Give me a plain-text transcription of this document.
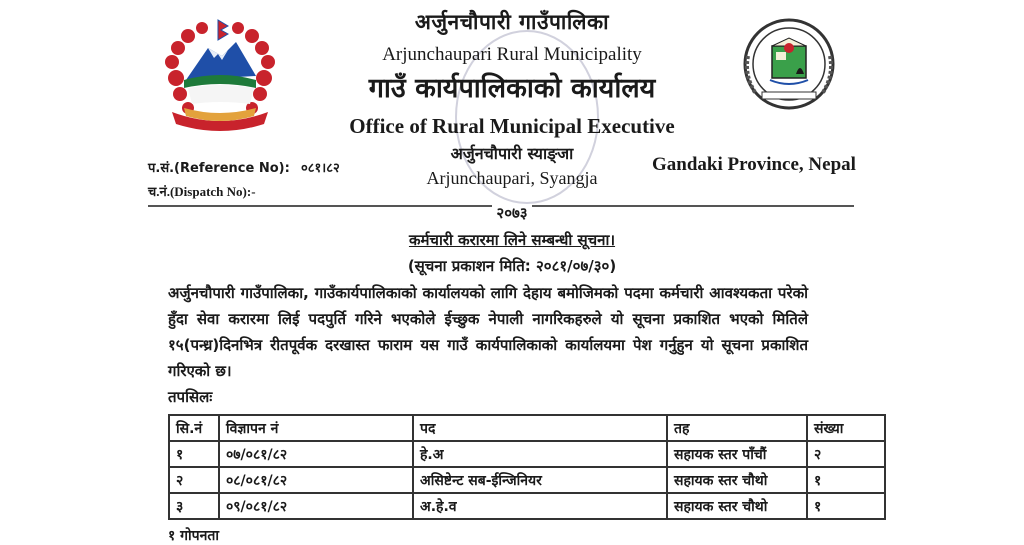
अर्जुनचौपारी गाउँपालिका
Arjunchaupari Rural Municipality
गाउँ कार्यपालिकाको कार्यालय
Office of Rural Municipal Executive
अर्जुनचौपारी स्याङ्जा
Arjunchaupari, Syangja
प.सं.(Reference No): ०८१।८२
च.नं.(Dispatch No):-
Gandaki Province, Nepal
२०७३
कर्मचारी करारमा लिने सम्बन्धी सूचना।
(सूचना प्रकाशन मिति: २०८१/०७/३०)
अर्जुनचौपारी गाउँपालिका, गाउँकार्यपालिकाको कार्यालयको लागि देहाय बमोजिमको पदमा कर्मचारी आवश्यकता परेको हुँदा सेवा करारमा लिई पदपुर्ति गरिने भएकोले ईच्छुक नेपाली नागरिकहरुले यो सूचना प्रकाशित भएको मितिले १५(पन्ध्र)दिनभित्र रीतपूर्वक दरखास्त फाराम यस गाउँ कार्यपालिकाको कार्यालयमा पेश गर्नुहुन यो सूचना प्रकाशित गरिएको छ।
तपसिलः
सि.नं	विज्ञापन नं	पद	तह	संख्या
१	०७/०८१/८२	हे.अ	सहायक स्तर पाँचौं	२
२	०८/०८१/८२	असिष्टेन्ट सब-ईन्जिनियर	सहायक स्तर चौथो	१
३	०९/०८१/८२	अ.हे.व	सहायक स्तर चौथो	१
१ गोपनता
